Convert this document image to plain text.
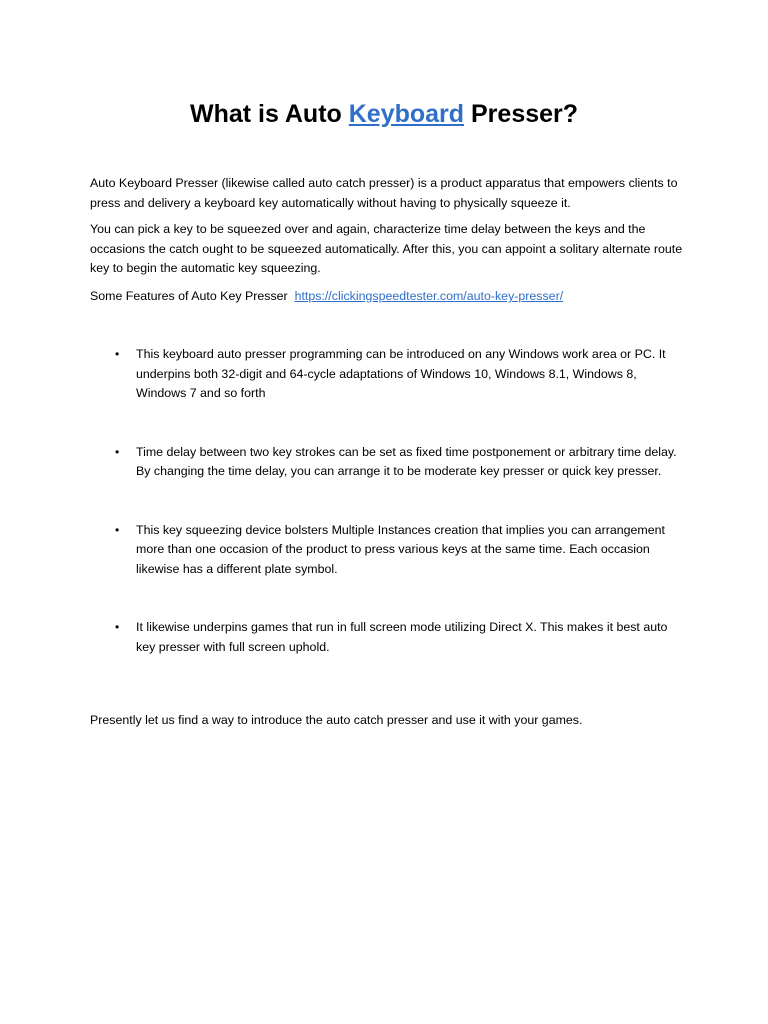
What is Auto Keyboard Presser?

Auto Keyboard Presser (likewise called auto catch presser) is a product apparatus that empowers clients to press and delivery a keyboard key automatically without having to physically squeeze it.

You can pick a key to be squeezed over and again, characterize time delay between the keys and the occasions the catch ought to be squeezed automatically. After this, you can appoint a solitary alternate route key to begin the automatic key squeezing.

Some Features of Auto Key Presser https://clickingspeedtester.com/auto-key-presser/

• This keyboard auto presser programming can be introduced on any Windows work area or PC. It underpins both 32-digit and 64-cycle adaptations of Windows 10, Windows 8.1, Windows 8, Windows 7 and so forth
• Time delay between two key strokes can be set as fixed time postponement or arbitrary time delay. By changing the time delay, you can arrange it to be moderate key presser or quick key presser.
• This key squeezing device bolsters Multiple Instances creation that implies you can arrangement more than one occasion of the product to press various keys at the same time. Each occasion likewise has a different plate symbol.
• It likewise underpins games that run in full screen mode utilizing Direct X. This makes it best auto key presser with full screen uphold.

Presently let us find a way to introduce the auto catch presser and use it with your games.
